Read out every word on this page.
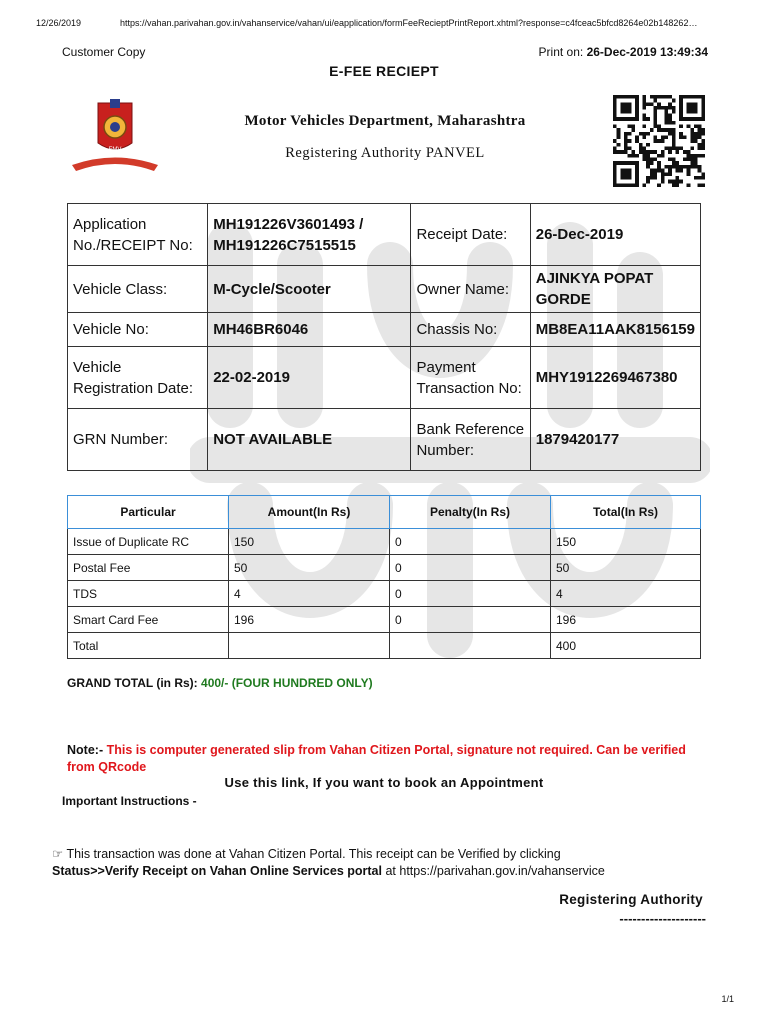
12/26/2019	https://vahan.parivahan.gov.in/vahanservice/vahan/ui/eapplication/formFeeRecieptPrintReport.xhtml?response=c4fceac5bfcd8264e02b148262…
Customer Copy	Print on: 26-Dec-2019 13:49:34
E-FEE RECIEPT
FMV
Motor Vehicles Department, Maharashtra
Registering Authority PANVEL
Application No./RECEIPT No:	MH191226V3601493 / MH191226C7515515	Receipt Date:	26-Dec-2019
Vehicle Class:	M-Cycle/Scooter	Owner Name:	AJINKYA POPAT GORDE
Vehicle No:	MH46BR6046	Chassis No:	MB8EA11AAK8156159
Vehicle Registration Date:	22-02-2019	Payment Transaction No:	MHY1912269467380
GRN Number:	NOT AVAILABLE	Bank Reference Number:	1879420177
Particular	Amount(In Rs)	Penalty(In Rs)	Total(In Rs)
Issue of Duplicate RC	150	0	150
Postal Fee	50	0	50
TDS	4	0	4
Smart Card Fee	196	0	196
Total			400
GRAND TOTAL (in Rs): 400/- (FOUR HUNDRED ONLY)
Note:- This is computer generated slip from Vahan Citizen Portal, signature not required. Can be verified from QRcode
Use this link, If you want to book an Appointment
Important Instructions -
☞ This transaction was done at Vahan Citizen Portal. This receipt can be Verified by clicking
Status>>Verify Receipt on Vahan Online Services portal at https://parivahan.gov.in/vahanservice
Registering Authority
--------------------
1/1
